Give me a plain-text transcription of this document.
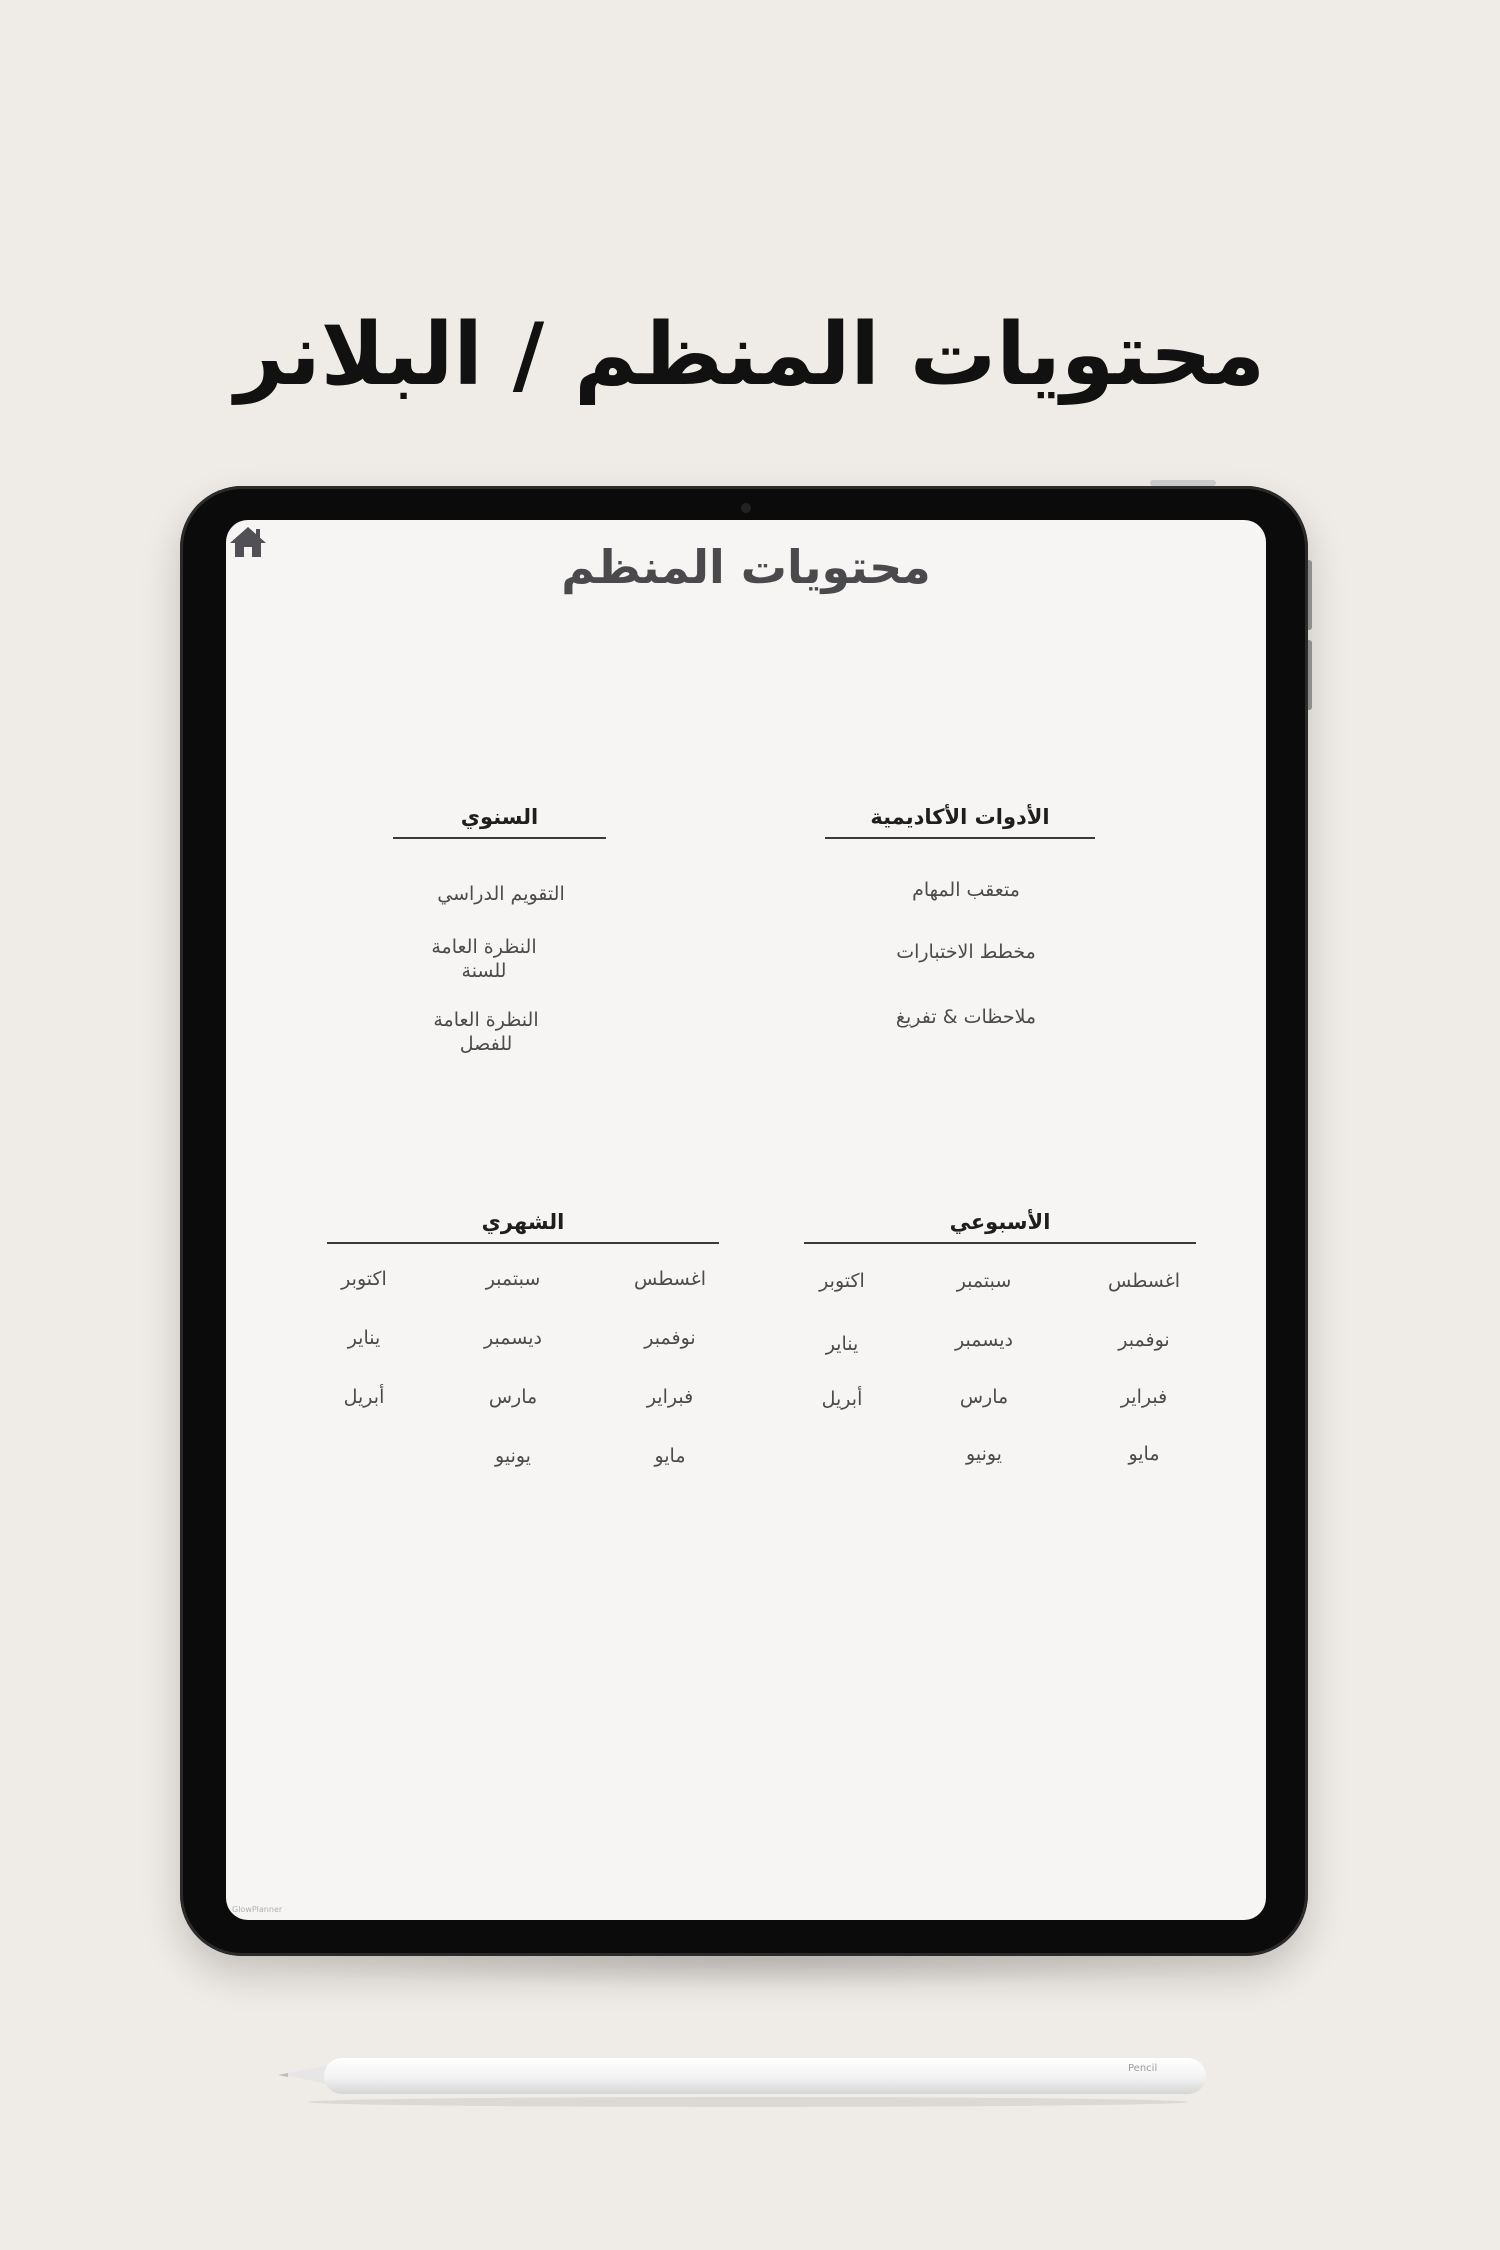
محتويات المنظم / البلانر
محتويات المنظم
السنوي
التقويم الدراسي
النظرة العامة للسنة
النظرة العامة للفصل
الأدوات الأكاديمية
متعقب المهام
مخطط الاختبارات
ملاحظات & تفريغ
الشهري
اغسطس
سبتمبر
اكتوبر
نوفمبر
ديسمبر
يناير
فبراير
مارس
أبريل
مايو
يونيو
الأسبوعي
اغسطس
سبتمبر
اكتوبر
نوفمبر
ديسمبر
يناير
فبراير
مارس
أبريل
مايو
يونيو
GlowPlanner
Pencil
